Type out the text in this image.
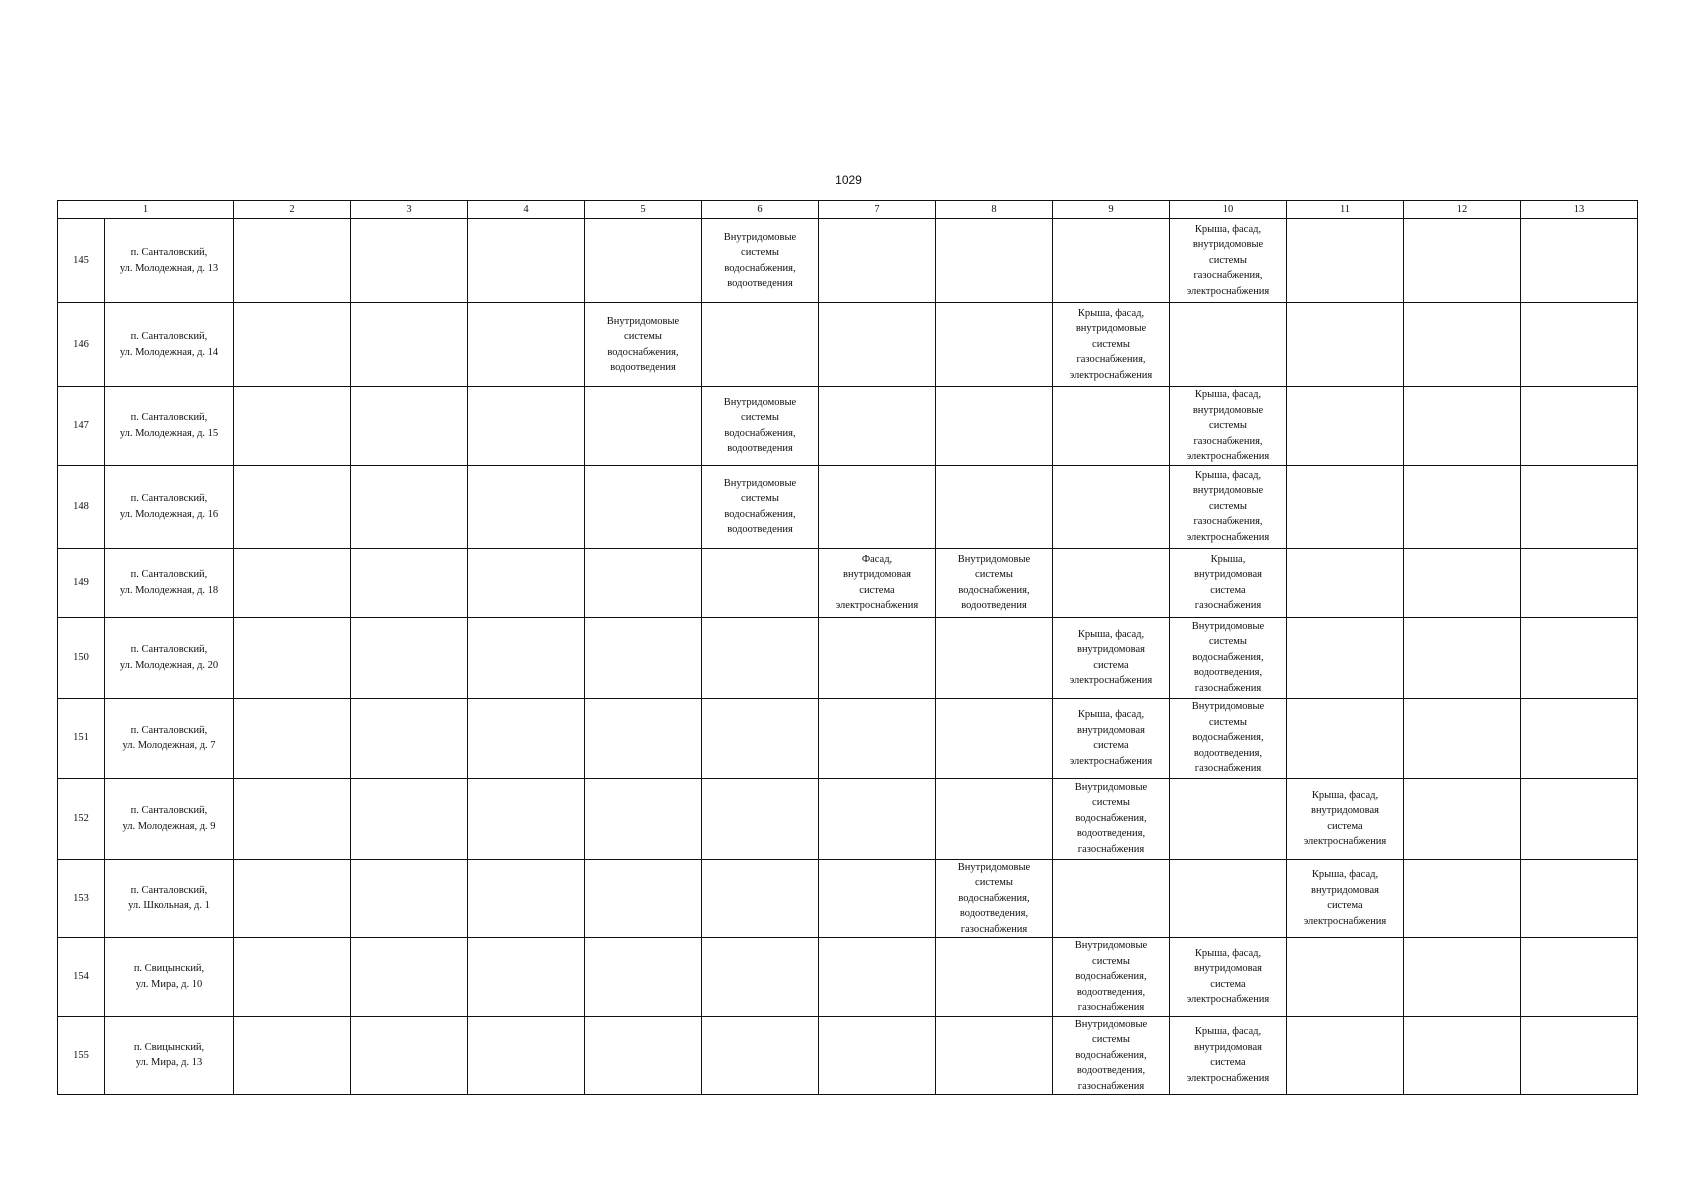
1029
1		2	3	4	5	6	7	8	9	10	11	12	13
145	п. Санталовский,
ул. Молодежная, д. 13					Внутридомовые
системы
водоснабжения,
водоотведения				Крыша, фасад,
внутридомовые
системы
газоснабжения,
электроснабжения			

146	п. Санталовский,
ул. Молодежная, д. 14				Внутридомовые
системы
водоснабжения,
водоотведения				Крыша, фасад,
внутридомовые
системы
газоснабжения,
электроснабжения				

147	п. Санталовский,
ул. Молодежная, д. 15					Внутридомовые
системы
водоснабжения,
водоотведения				Крыша, фасад,
внутридомовые
системы
газоснабжения,
электроснабжения			

148	п. Санталовский,
ул. Молодежная, д. 16					Внутридомовые
системы
водоснабжения,
водоотведения				Крыша, фасад,
внутридомовые
системы
газоснабжения,
электроснабжения			

149	п. Санталовский,
ул. Молодежная, д. 18						Фасад,
внутридомовая
система
электроснабжения	Внутридомовые
системы
водоснабжения,
водоотведения		Крыша,
внутридомовая
система
газоснабжения			

150	п. Санталовский,
ул. Молодежная, д. 20								Крыша, фасад,
внутридомовая
система
электроснабжения	Внутридомовые
системы
водоснабжения,
водоотведения,
газоснабжения			

151	п. Санталовский,
ул. Молодежная, д. 7								Крыша, фасад,
внутридомовая
система
электроснабжения	Внутридомовые
системы
водоснабжения,
водоотведения,
газоснабжения			

152	п. Санталовский,
ул. Молодежная, д. 9								Внутридомовые
системы
водоснабжения,
водоотведения,
газоснабжения		Крыша, фасад,
внутридомовая
система
электроснабжения		

153	п. Санталовский,
ул. Школьная, д. 1							Внутридомовые
системы
водоснабжения,
водоотведения,
газоснабжения			Крыша, фасад,
внутридомовая
система
электроснабжения		

154	п. Свицынский,
ул. Мира, д. 10								Внутридомовые
системы
водоснабжения,
водоотведения,
газоснабжения	Крыша, фасад,
внутридомовая
система
электроснабжения			

155	п. Свицынский,
ул. Мира, д. 13								Внутридомовые
системы
водоснабжения,
водоотведения,
газоснабжения	Крыша, фасад,
внутридомовая
система
электроснабжения			
